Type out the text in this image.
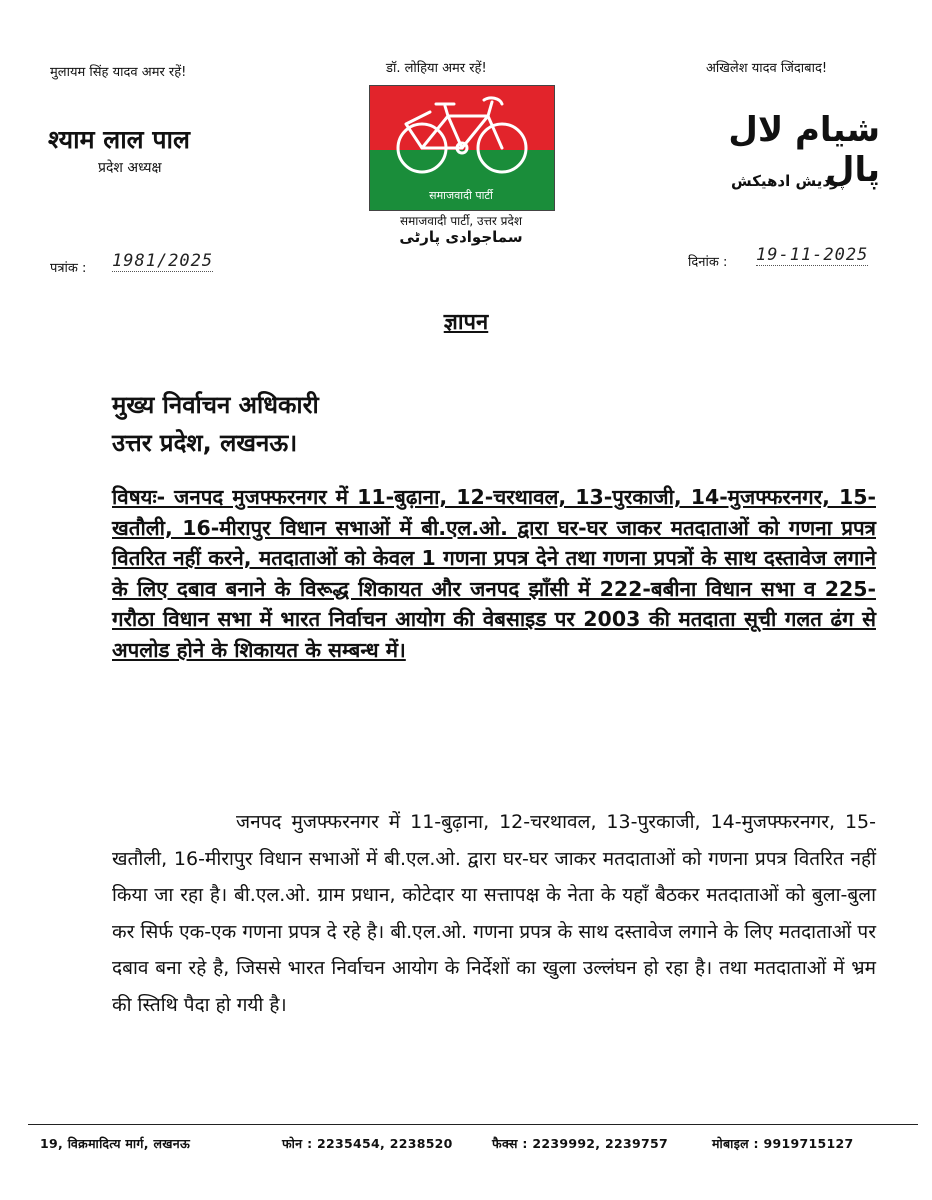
मुलायम सिंह यादव अमर रहें!	डॉ. लोहिया अमर रहें!	अखिलेश यादव जिंदाबाद!
श्याम लाल पाल
प्रदेश अध्यक्ष
شیام لال پال
پردیش ادھیکش
समाजवादी पार्टी
समाजवादी पार्टी, उत्तर प्रदेश
سماجوادی پارٹی
पत्रांक : 1981/2025	दिनांक : 19-11-2025
ज्ञापन
मुख्य निर्वाचन अधिकारी
उत्तर प्रदेश, लखनऊ।
विषयः- जनपद मुजफ्फरनगर में 11-बुढ़ाना, 12-चरथावल, 13-पुरकाजी, 14-मुजफ्फरनगर, 15-खतौली, 16-मीरापुर विधान सभाओं में बी.एल.ओ. द्वारा घर-घर जाकर मतदाताओं को गणना प्रपत्र वितरित नहीं करने, मतदाताओं को केवल 1 गणना प्रपत्र देने तथा गणना प्रपत्रों के साथ दस्तावेज लगाने के लिए दबाव बनाने के विरूद्ध शिकायत और जनपद झाँसी में 222-बबीना विधान सभा व 225-गरौठा विधान सभा में भारत निर्वाचन आयोग की वेबसाइड पर 2003 की मतदाता सूची गलत ढंग से अपलोड होने के शिकायत के सम्बन्ध में।
जनपद मुजफ्फरनगर में 11-बुढ़ाना, 12-चरथावल, 13-पुरकाजी, 14-मुजफ्फरनगर, 15-खतौली, 16-मीरापुर विधान सभाओं में बी.एल.ओ. द्वारा घर-घर जाकर मतदाताओं को गणना प्रपत्र वितरित नहीं किया जा रहा है। बी.एल.ओ. ग्राम प्रधान, कोटेदार या सत्तापक्ष के नेता के यहाँ बैठकर मतदाताओं को बुला-बुला कर सिर्फ एक-एक गणना प्रपत्र दे रहे है। बी.एल.ओ. गणना प्रपत्र के साथ दस्तावेज लगाने के लिए मतदाताओं पर दबाव बना रहे है, जिससे भारत निर्वाचन आयोग के निर्देशों का खुला उल्लंघन हो रहा है। तथा मतदाताओं में भ्रम की स्तिथि पैदा हो गयी है।
19, विक्रमादित्य मार्ग, लखनऊ	फोन : 2235454, 2238520	फैक्स : 2239992, 2239757	मोबाइल : 9919715127
